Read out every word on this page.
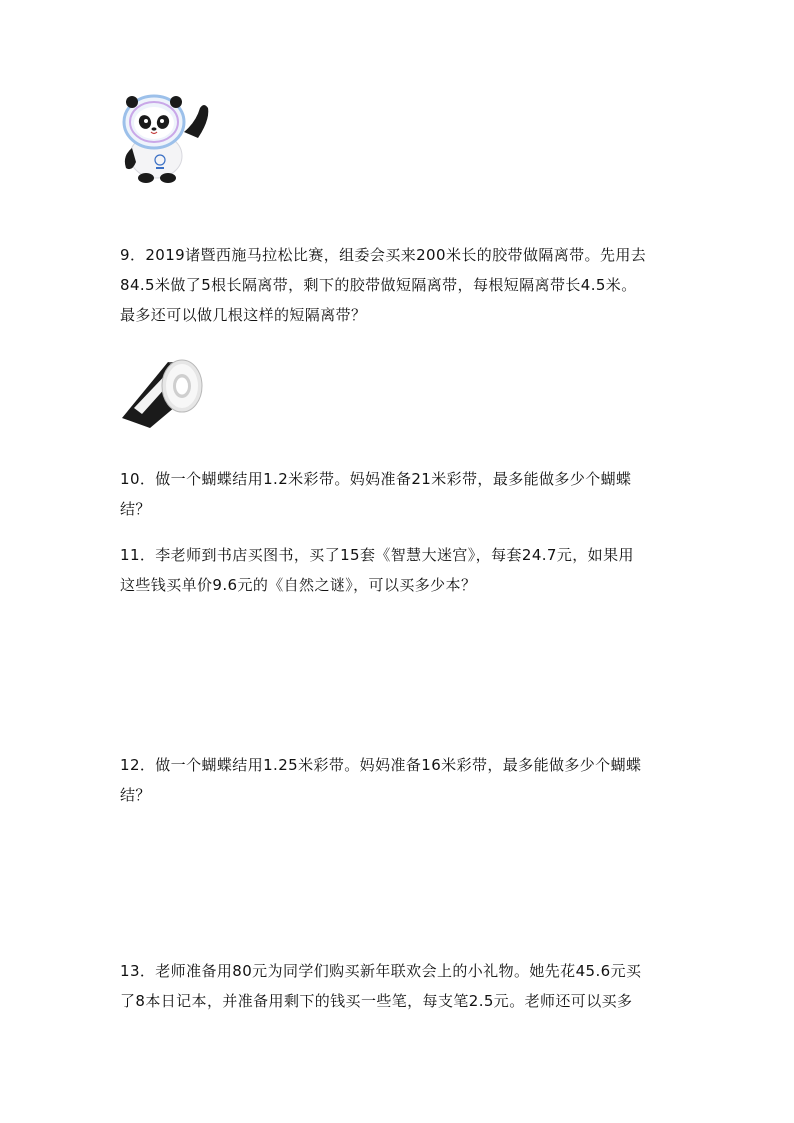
9．2019诸暨西施马拉松比赛，组委会买来200米长的胶带做隔离带。先用去
84.5米做了5根长隔离带，剩下的胶带做短隔离带，每根短隔离带长4.5米。
最多还可以做几根这样的短隔离带？

10．做一个蝴蝶结用1.2米彩带。妈妈准备21米彩带，最多能做多少个蝴蝶
结？

11．李老师到书店买图书，买了15套《智慧大迷宫》，每套24.7元，如果用
这些钱买单价9.6元的《自然之谜》，可以买多少本？

12．做一个蝴蝶结用1.25米彩带。妈妈准备16米彩带，最多能做多少个蝴蝶
结？

13．老师准备用80元为同学们购买新年联欢会上的小礼物。她先花45.6元买
了8本日记本，并准备用剩下的钱买一些笔，每支笔2.5元。老师还可以买多
